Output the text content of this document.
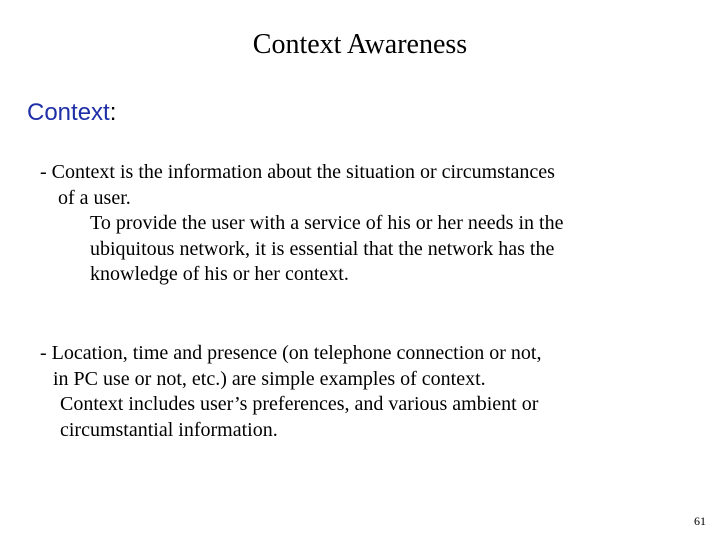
Context Awareness
Context:
- Context is the information about the situation or circumstances
of a user.
To provide the user with a service of his or her needs in the
ubiquitous network, it is essential that the network has the
knowledge of his or her context.
- Location, time and presence (on telephone connection or not,
in PC use or not, etc.) are simple examples of context.
Context includes user’s preferences, and various ambient or
circumstantial information.
61
